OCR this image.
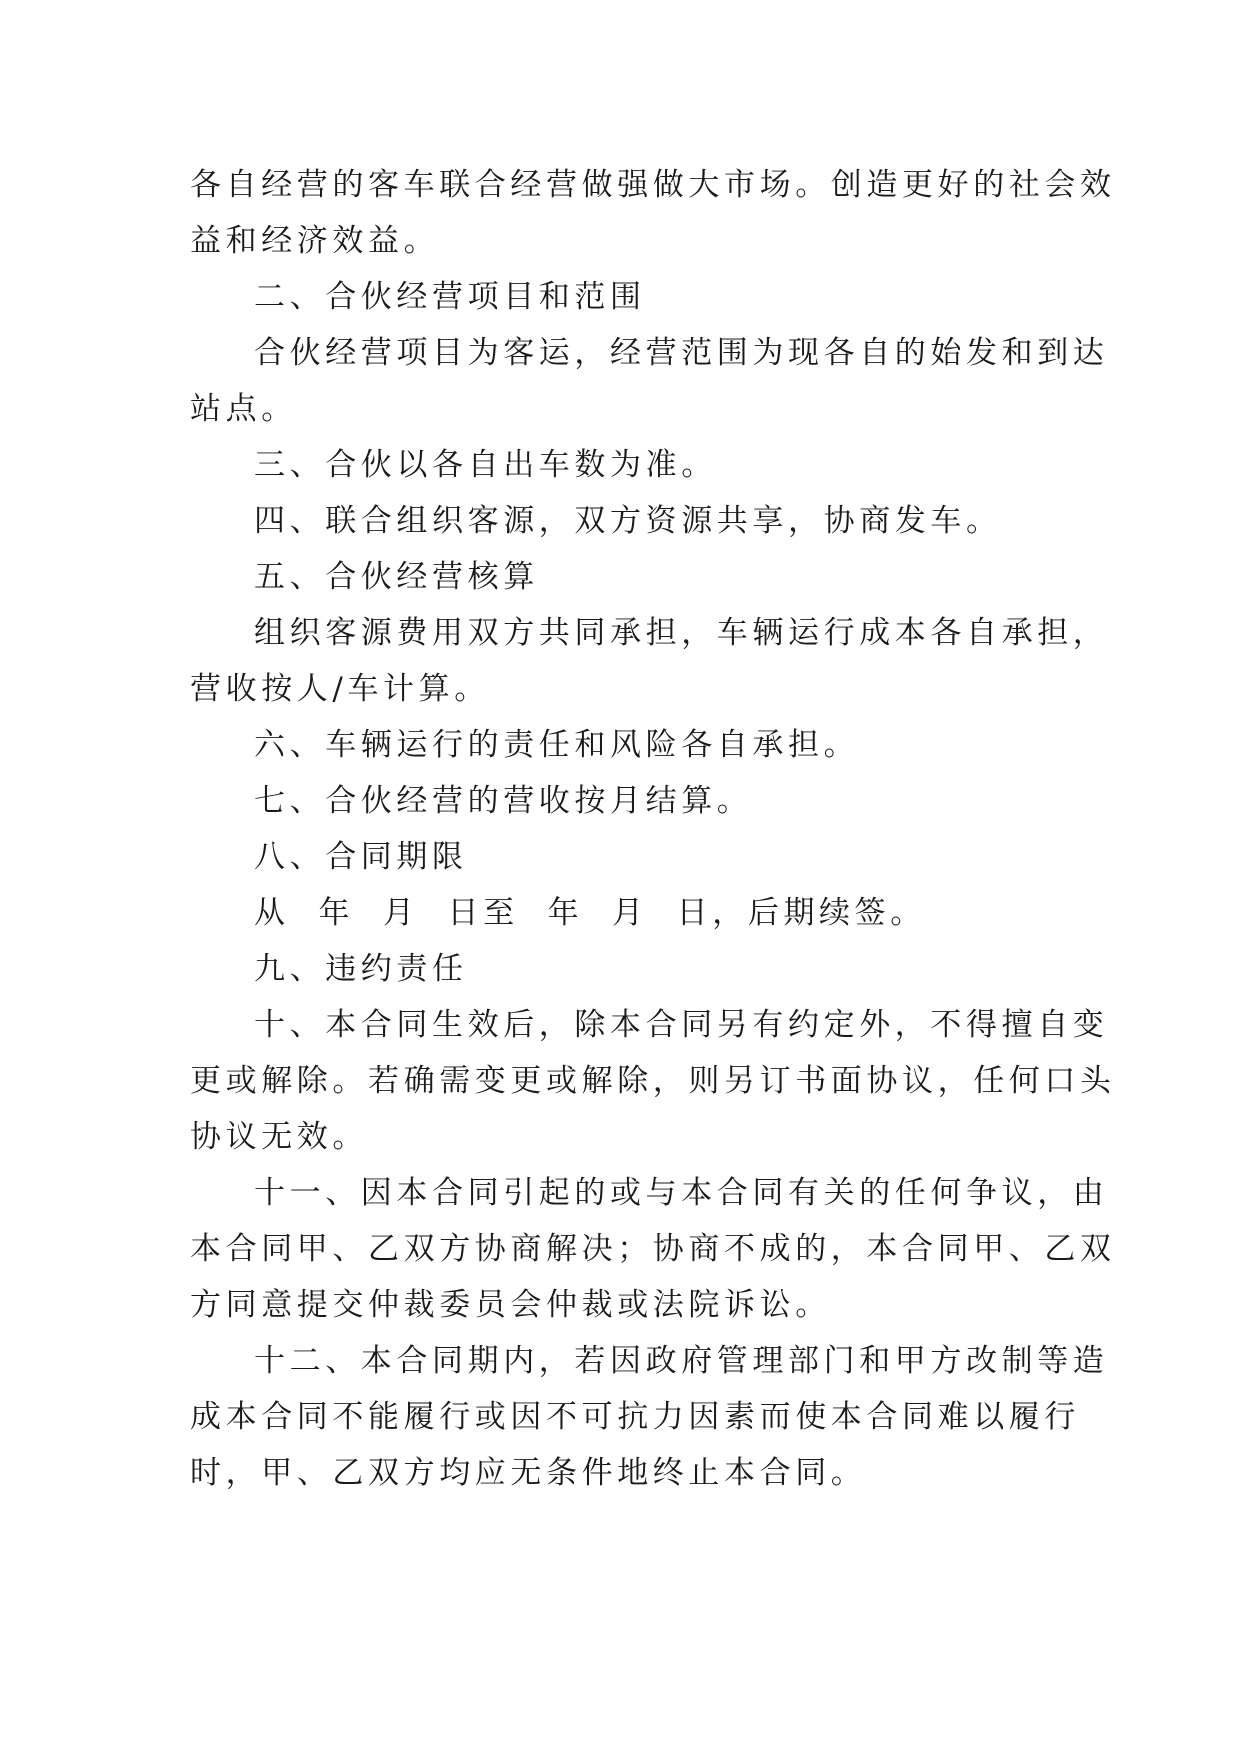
各自经营的客车联合经营做强做大市场。创造更好的社会效
益和经济效益。
二、合伙经营项目和范围
合伙经营项目为客运，经营范围为现各自的始发和到达
站点。
三、合伙以各自出车数为准。
四、联合组织客源，双方资源共享，协商发车。
五、合伙经营核算
组织客源费用双方共同承担，车辆运行成本各自承担，
营收按人/车计算。
六、车辆运行的责任和风险各自承担。
七、合伙经营的营收按月结算。
八、合同期限
从  年  月  日至  年  月  日，后期续签。
九、违约责任
十、本合同生效后，除本合同另有约定外，不得擅自变
更或解除。若确需变更或解除，则另订书面协议，任何口头
协议无效。
十一、因本合同引起的或与本合同有关的任何争议，由
本合同甲、乙双方协商解决；协商不成的，本合同甲、乙双
方同意提交仲裁委员会仲裁或法院诉讼。
十二、本合同期内，若因政府管理部门和甲方改制等造
成本合同不能履行或因不可抗力因素而使本合同难以履行
时，甲、乙双方均应无条件地终止本合同。
